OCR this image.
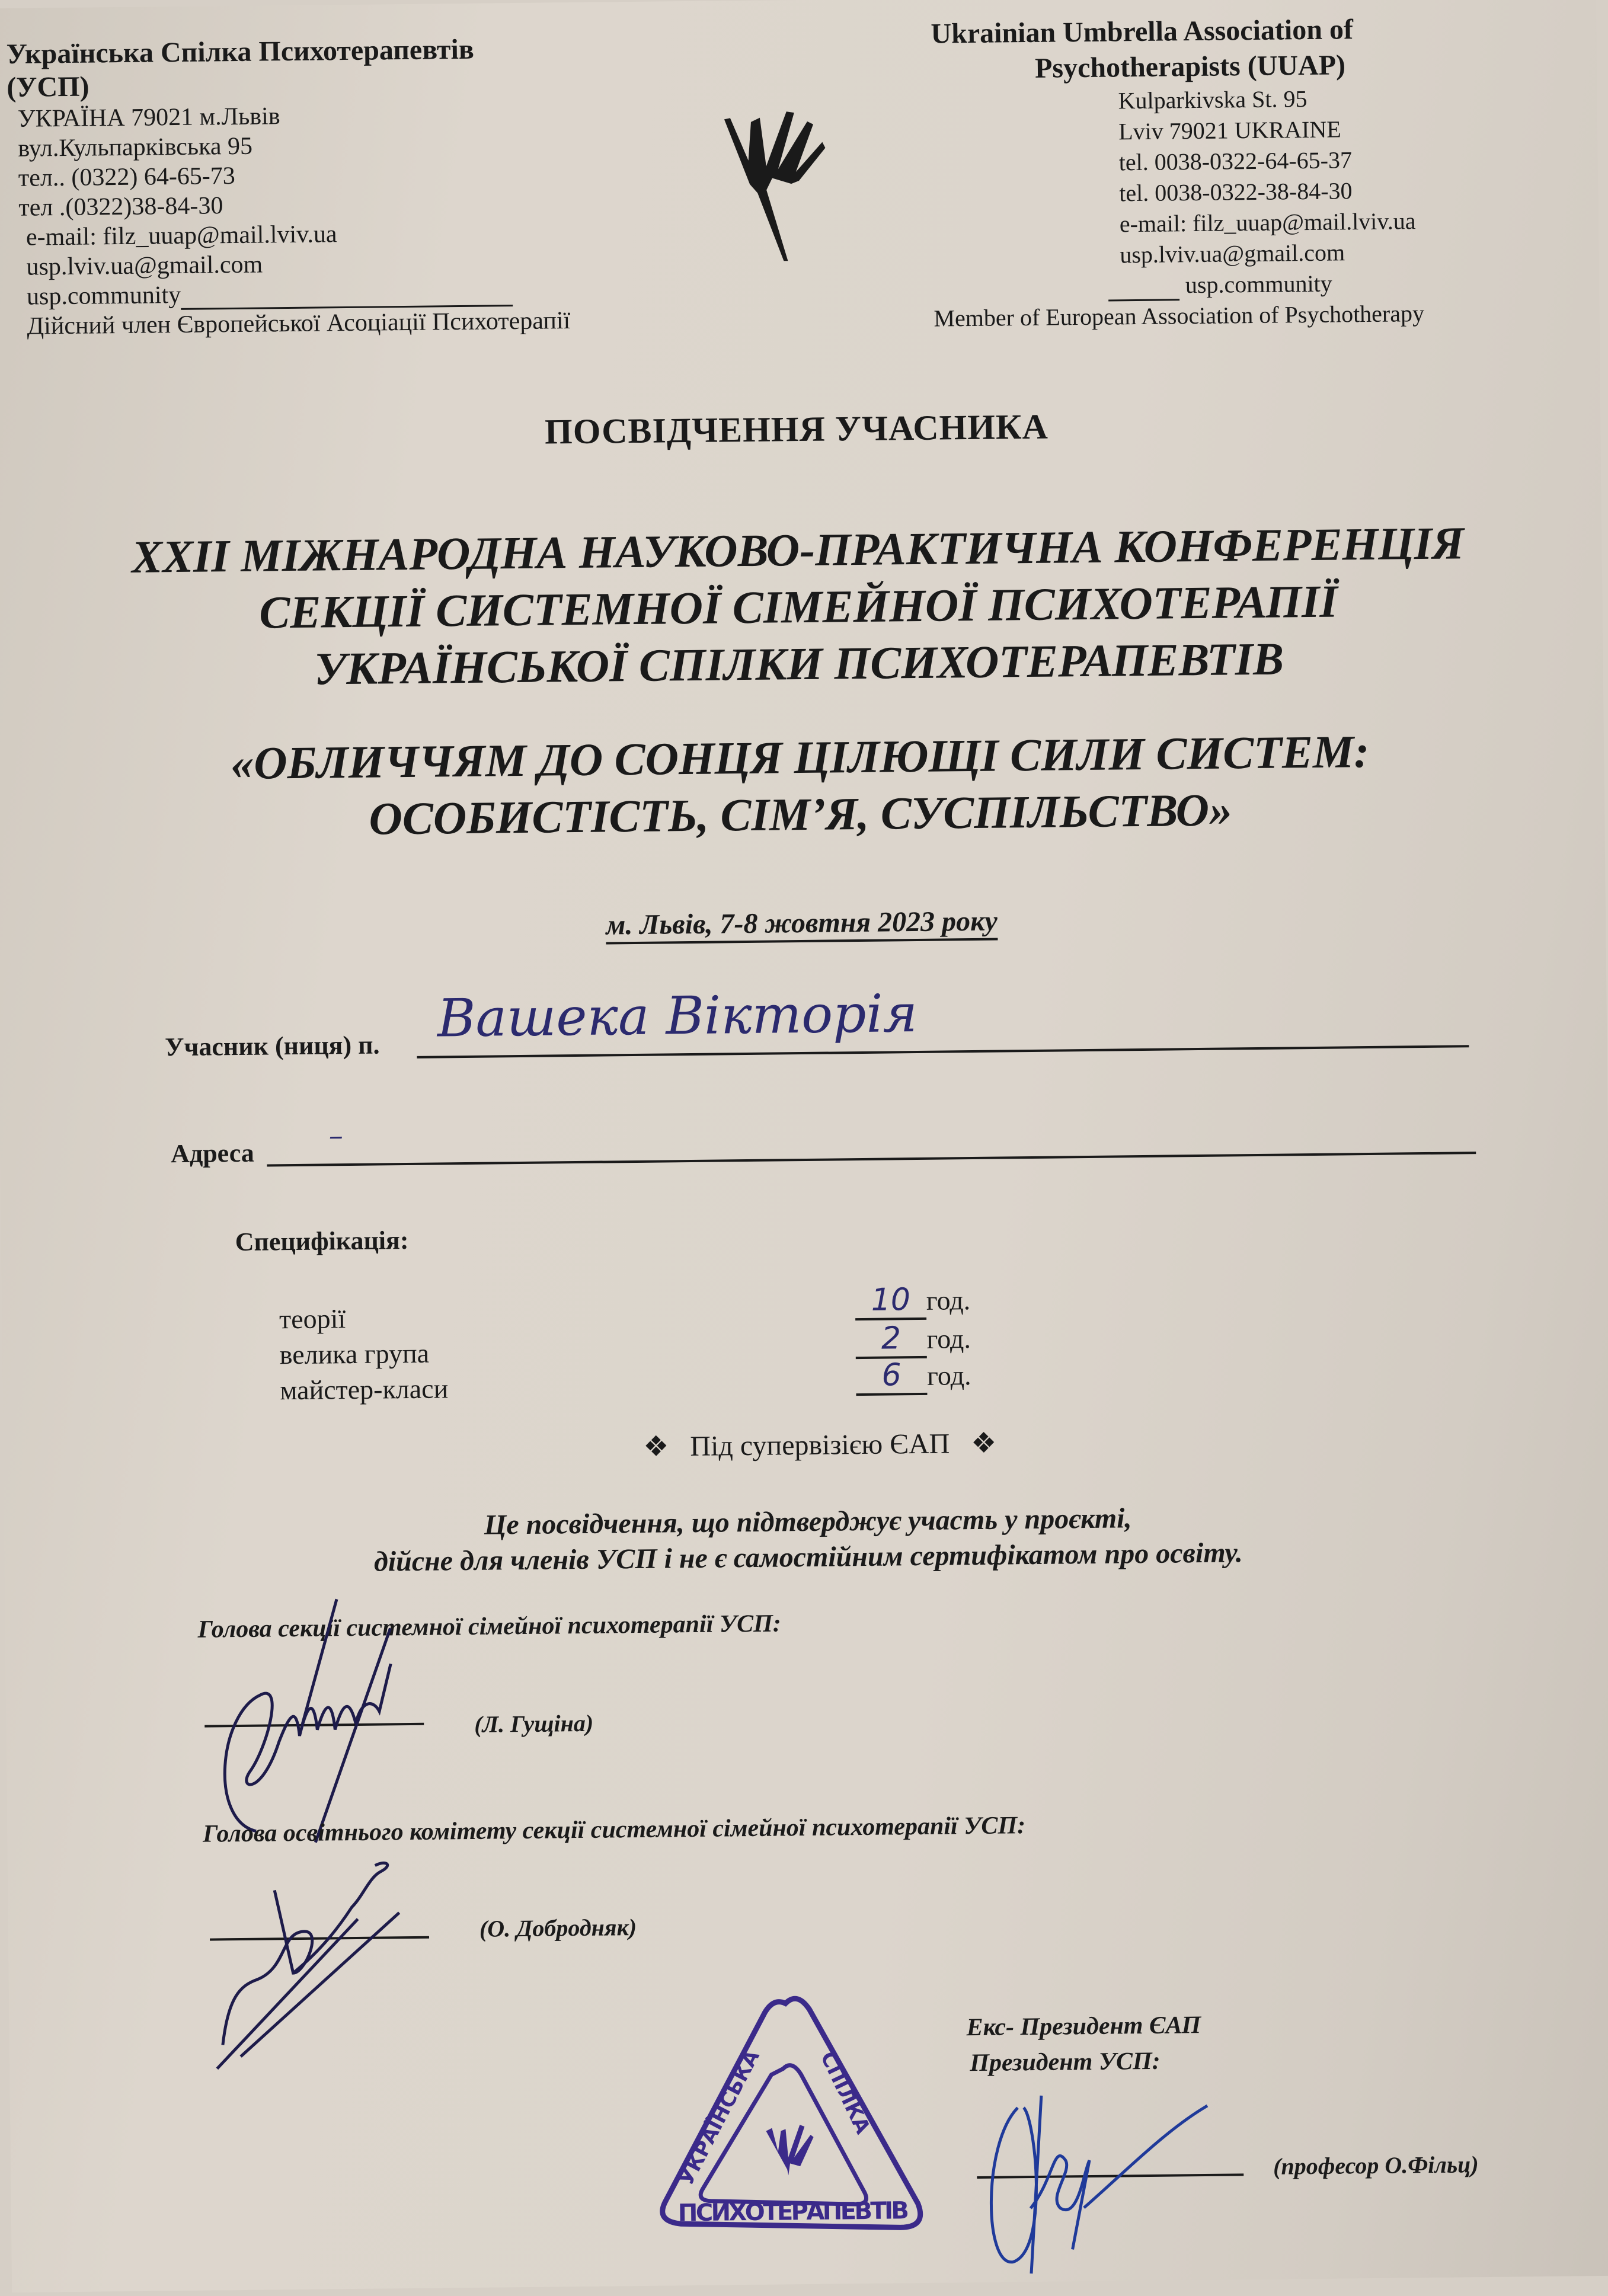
Українська Спілка Психотерапевтів
(УСП)
УКРАЇНА 79021 м.Львів
вул.Кульпарківська 95
тел.. (0322) 64-65-73
тел .(0322)38-84-30
e-mail: filz_uuap@mail.lviv.ua
usp.lviv.ua@gmail.com
usp.community
Дійсний член Європейської Асоціації Психотерапії
Ukrainian Umbrella Association of
Psychotherapists (UUAP)
Kulparkivska St. 95
Lviv 79021 UKRAINE
tel. 0038-0322-64-65-37
tel. 0038-0322-38-84-30
e-mail: filz_uuap@mail.lviv.ua
usp.lviv.ua@gmail.com
usp.community
Member of European Association of Psychotherapy
ПОСВІДЧЕННЯ УЧАСНИКА
XXII МІЖНАРОДНА НАУКОВО-ПРАКТИЧНА КОНФЕРЕНЦІЯ
СЕКЦІЇ СИСТЕМНОЇ СІМЕЙНОЇ ПСИХОТЕРАПІЇ
УКРАЇНСЬКОЇ СПІЛКИ ПСИХОТЕРАПЕВТІВ
«ОБЛИЧЧЯМ ДО СОНЦЯ ЦІЛЮЩІ СИЛИ СИСТЕМ:
ОСОБИСТІСТЬ, СІМ’Я, СУСПІЛЬСТВО»
м. Львів, 7-8 жовтня 2023 року
Учасник (ниця) п. Вашека Вікторія
Адреса
–
Специфікація:
теорії
велика група
майстер-класи
10 год.
2 год.
6 год.
❖ Під супервізією ЄАП ❖
Це посвідчення, що підтверджує участь у проєкті,
дійсне для членів УСП і не є самостійним сертифікатом про освіту.
Голова секції системної сімейної психотерапії УСП:
(Л. Гущіна)
Голова освітнього комітету секції системної сімейної психотерапії УСП:
(О. Добродняк)
УКРАЇНСЬКА	СПІЛКА
ПСИХОТЕРАПЕВТІВ
Екс- Президент ЄАП
Президент УСП:
(професор О.Фільц)
